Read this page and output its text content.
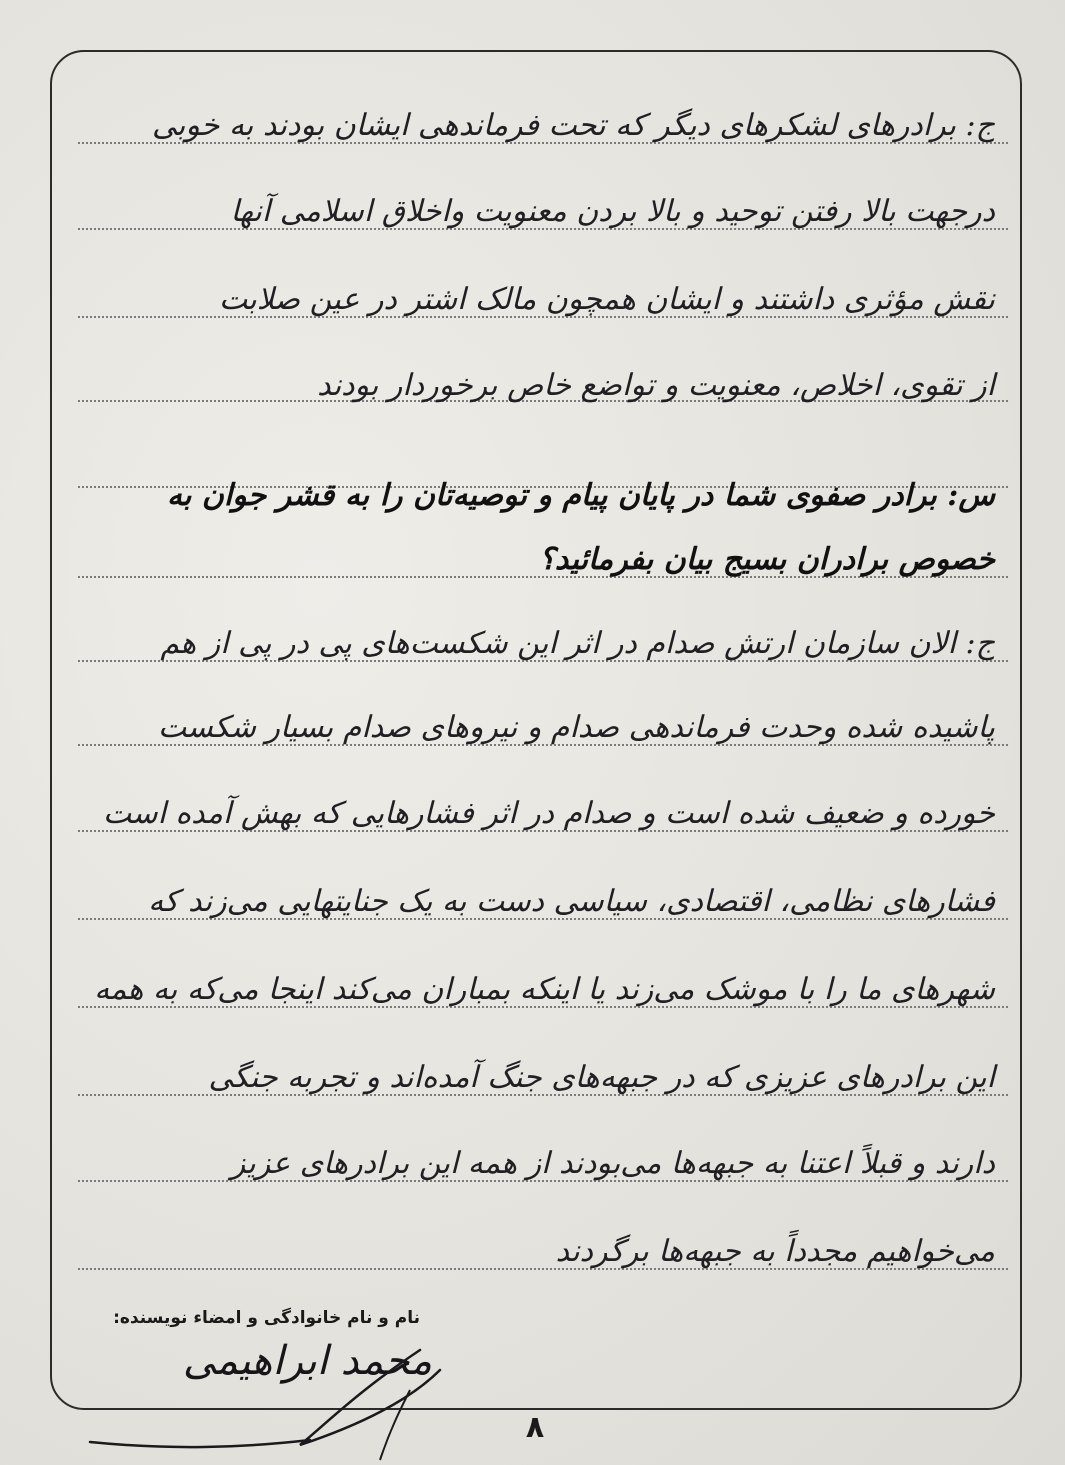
ج: برادرهای لشکرهای دیگر که تحت فرماندهی ایشان بودند به خوبی
درجهت بالا رفتن توحید و بالا بردن معنویت واخلاق اسلامی آنها
نقش مؤثری داشتند و ایشان همچون مالک اشتر در عین صلابت
از تقوی، اخلاص، معنویت و تواضع خاص برخوردار بودند
س: برادر صفوی شما در پایان پیام و توصیه‌تان را به قشر جوان به
خصوص برادران بسیج بیان بفرمائید؟
ج: الان سازمان ارتش صدام در اثر این شکست‌های پی در پی از هم
پاشیده شده وحدت فرماندهی صدام و نیروهای صدام بسیار شکست
خورده و ضعیف شده است و صدام در اثر فشارهایی که بهش آمده است
فشارهای نظامی، اقتصادی، سیاسی دست به یک جنایتهایی می‌زند که
شهرهای ما را با موشک می‌زند یا اینکه بمباران می‌کند اینجا می‌که به همه
این برادرهای عزیزی که در جبهه‌های جنگ آمده‌اند و تجربه جنگی
دارند و قبلاً اعتنا به جبهه‌ها می‌بودند از همه این برادرهای عزیز
می‌خواهیم مجدداً به جبهه‌ها برگردند
نام و نام خانوادگی و امضاء نویسنده:
محمد ابراهیمی
۸
